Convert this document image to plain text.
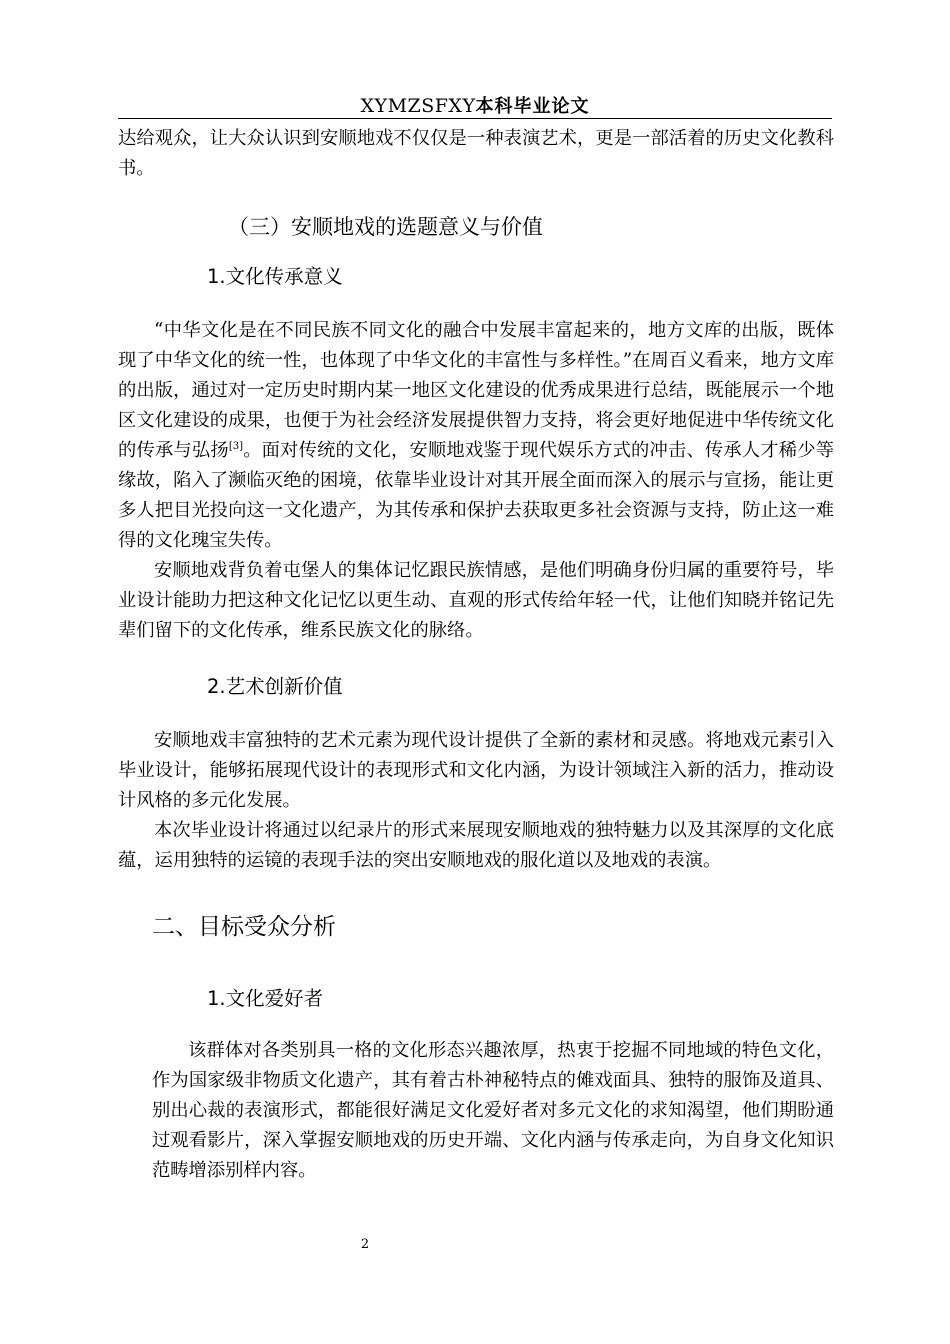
XYMZSFXY本科毕业论文

达给观众，让大众认识到安顺地戏不仅仅是一种表演艺术，更是一部活着的历史文化教科书。

（三）安顺地戏的选题意义与价值
1.文化传承意义

“中华文化是在不同民族不同文化的融合中发展丰富起来的，地方文库的出版，既体现了中华文化的统一性，也体现了中华文化的丰富性与多样性。”在周百义看来，地方文库的出版，通过对一定历史时期内某一地区文化建设的优秀成果进行总结，既能展示一个地区文化建设的成果，也便于为社会经济发展提供智力支持，将会更好地促进中华传统文化的传承与弘扬[3]。面对传统的文化，安顺地戏鉴于现代娱乐方式的冲击、传承人才稀少等缘故，陷入了濒临灭绝的困境，依靠毕业设计对其开展全面而深入的展示与宣扬，能让更多人把目光投向这一文化遗产，为其传承和保护去获取更多社会资源与支持，防止这一难得的文化瑰宝失传。

安顺地戏背负着屯堡人的集体记忆跟民族情感，是他们明确身份归属的重要符号，毕业设计能助力把这种文化记忆以更生动、直观的形式传给年轻一代，让他们知晓并铭记先辈们留下的文化传承，维系民族文化的脉络。

2.艺术创新价值

安顺地戏丰富独特的艺术元素为现代设计提供了全新的素材和灵感。将地戏元素引入毕业设计，能够拓展现代设计的表现形式和文化内涵，为设计领域注入新的活力，推动设计风格的多元化发展。

本次毕业设计将通过以纪录片的形式来展现安顺地戏的独特魅力以及其深厚的文化底蕴，运用独特的运镜的表现手法的突出安顺地戏的服化道以及地戏的表演。

二、目标受众分析
1.文化爱好者

该群体对各类别具一格的文化形态兴趣浓厚，热衷于挖掘不同地域的特色文化，作为国家级非物质文化遗产，其有着古朴神秘特点的傩戏面具、独特的服饰及道具、别出心裁的表演形式，都能很好满足文化爱好者对多元文化的求知渴望，他们期盼通过观看影片，深入掌握安顺地戏的历史开端、文化内涵与传承走向，为自身文化知识范畴增添别样内容。

2
